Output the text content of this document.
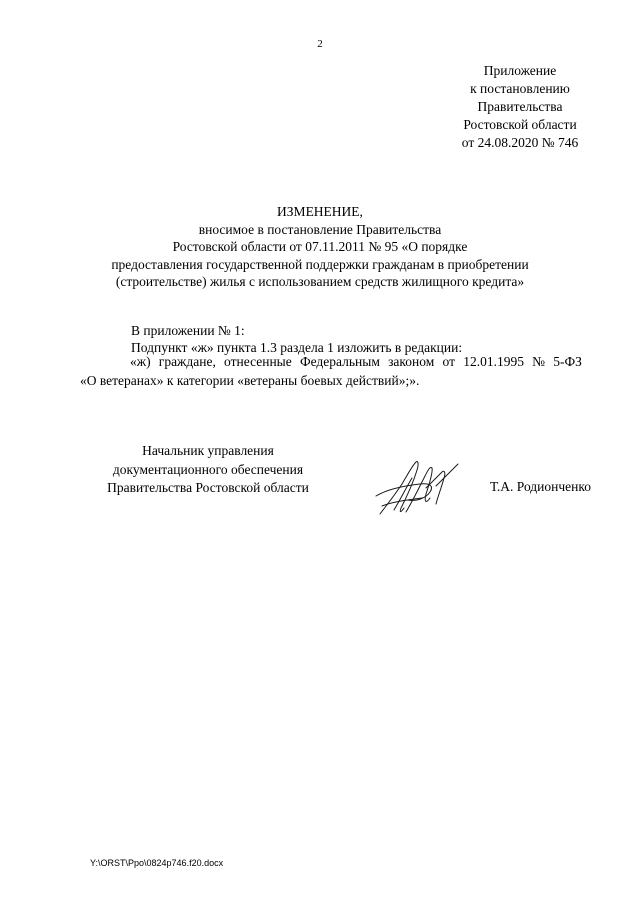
2
Приложение
к постановлению
Правительства
Ростовской области
от 24.08.2020 № 746
ИЗМЕНЕНИЕ,
вносимое в постановление Правительства
Ростовской области от 07.11.2011 № 95 «О порядке
предоставления государственной поддержки гражданам в приобретении
(строительстве) жилья с использованием средств жилищного кредита»
В приложении № 1:
Подпункт «ж» пункта 1.3 раздела 1 изложить в редакции:
«ж) граждане, отнесенные Федеральным законом от 12.01.1995 № 5-ФЗ
«О ветеранах» к категории «ветераны боевых действий»;».
Начальник управления
документационного обеспечения
Правительства Ростовской области	Т.А. Родионченко
Y:\ORST\Ppo\0824p746.f20.docx
